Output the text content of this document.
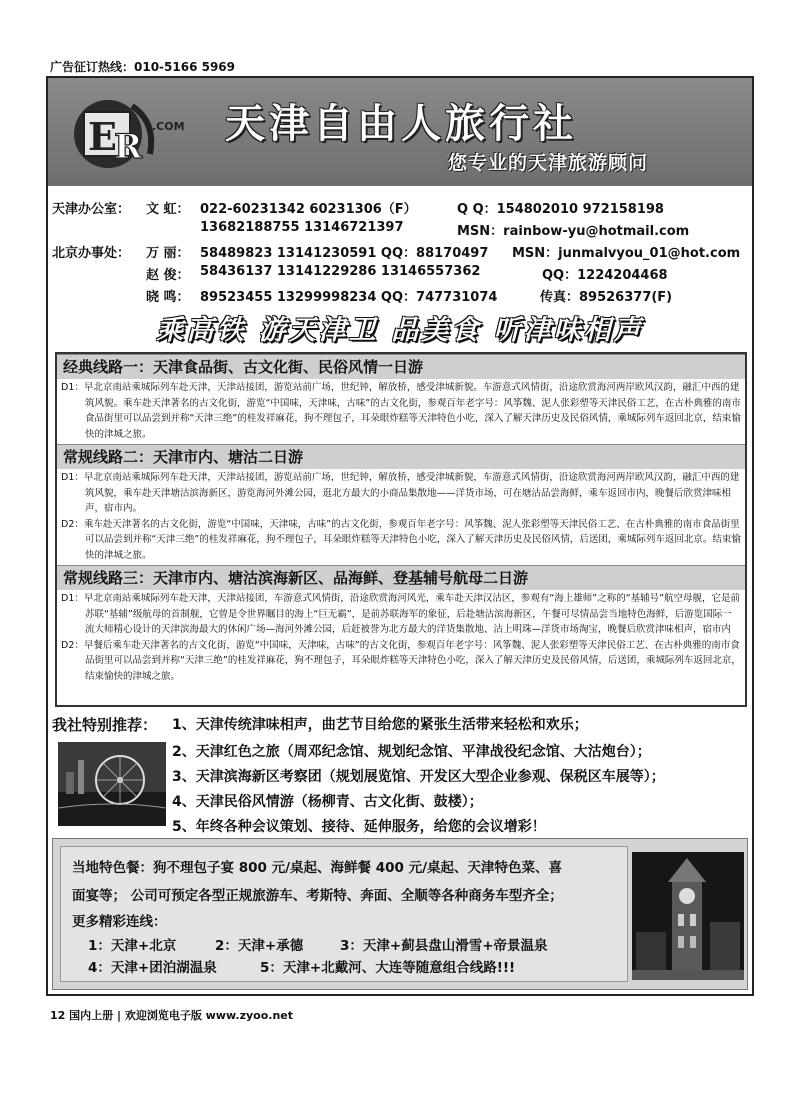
广告征订热线：010-5166 5969
E
R
.COM 天津自由人旅行社
您专业的天津旅游顾问
天津办公室： 文 虹： 022-60231342 60231306（F）	Q Q：154802010 972158198
13682188755 13146721397	MSN：rainbow-yu@hotmail.com
北京办事处： 万 丽： 58489823 13141230591 QQ：88170497 MSN：junmalvyou_01@hot.com
赵 俊： 58436137 13141229286 13146557362	QQ：1224204468
晓 鸣： 89523455 13299998234 QQ：747731074	传真：89526377(F)
乘高铁 游天津卫 品美食 听津味相声
经典线路一：天津食品街、古文化街、民俗风情一日游
D1：早北京南站乘城际列车赴天津，天津站接团，游览站前广场，世纪钟，解放桥，感受津城新貌。车游意式风情街，沿途欣赏海河两岸欧风汉韵，融汇中西的建筑风貌。乘车赴天津著名的古文化街，游览“中国味，天津味，古味”的古文化街，参观百年老字号：风筝魏、泥人张彩塑等天津民俗工艺，在古朴典雅的南市食品街里可以品尝到并称“天津三绝”的桂发祥麻花，狗不理包子，耳朵眼炸糕等天津特色小吃，深入了解天津历史及民俗风情，乘城际列车返回北京，结束愉快的津城之旅。
常规线路二：天津市内、塘沽二日游
D1：早北京南站乘城际列车赴天津，天津站接团，游览站前广场，世纪钟，解放桥，感受津城新貌，车游意式风情街，沿途欣赏海河两岸欧风汉韵，融汇中西的建筑风貌，乘车赴天津塘沽滨海新区，游览海河外滩公园，逛北方最大的小商品集散地——洋货市场，可在塘沽品尝海鲜，乘车返回市内，晚餐后欣赏津味相声，宿市内。
D2：乘车赴天津著名的古文化街，游览“中国味，天津味，古味”的古文化街，参观百年老字号：风筝魏、泥人张彩塑等天津民俗工艺、在古朴典雅的南市食品街里可以品尝到并称“天津三绝”的桂发祥麻花，狗不理包子，耳朵眼炸糕等天津特色小吃，深入了解天津历史及民俗风情，后送团，乘城际列车返回北京。结束愉快的津城之旅。
常规线路三：天津市内、塘沽滨海新区、品海鲜、登基辅号航母二日游
D1：早北京南站乘城际列车赴天津，天津站接团，车游意式风情街，沿途欣赏海河风光，乘车赴天津汉沽区，参观有“海上雄师”之称的“基辅号”航空母舰，它是前苏联“基辅”级航母的首制舰，它曾是令世界瞩目的海上“巨无霸”，是前苏联海军的象征，后赴塘沽滨海新区，午餐可尽情品尝当地特色海鲜，后游览国际一流大师精心设计的天津滨海最大的休闲广场—海河外滩公园，后赶被誉为北方最大的洋货集散地、沽上明珠—洋货市场淘宝，晚餐后欣赏津味相声，宿市内
D2：早餐后乘车赴天津著名的古文化街，游览“中国味，天津味，古味”的古文化街，参观百年老字号：风筝魏、泥人张彩塑等天津民俗工艺、在古朴典雅的南市食品街里可以品尝到并称“天津三绝”的桂发祥麻花，狗不理包子，耳朵眼炸糕等天津特色小吃，深入了解天津历史及民俗风情，后送团，乘城际列车返回北京，结束愉快的津城之旅。
我社特别推荐： 1、天津传统津味相声，曲艺节目给您的紧张生活带来轻松和欢乐；
2、天津红色之旅（周邓纪念馆、规划纪念馆、平津战役纪念馆、大沽炮台）；
3、天津滨海新区考察团（规划展览馆、开发区大型企业参观、保税区车展等）；
4、天津民俗风情游（杨柳青、古文化街、鼓楼）；
5、年终各种会议策划、接待、延伸服务，给您的会议增彩！
当地特色餐：狗不理包子宴 800 元/桌起、海鲜餐 400 元/桌起、天津特色菜、喜
面宴等； 公司可预定各型正规旅游车、考斯特、奔面、全顺等各种商务车型齐全；
更多精彩连线：
1：天津+北京	2：天津+承德	3：天津+蓟县盘山滑雪+帝景温泉
4：天津+团泊湖温泉	5：天津+北戴河、大连等随意组合线路!!!
12 国内上册 | 欢迎浏览电子版 www.zyoo.net
